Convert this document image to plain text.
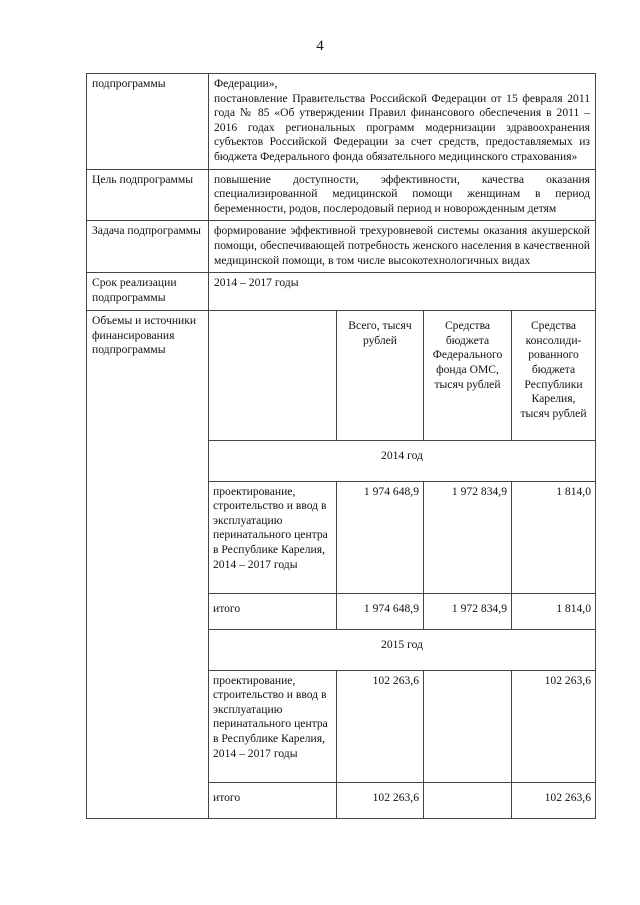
4
подпрограммы	Федерации»,
постановление Правительства Российской Федерации от 15 февраля 2011 года № 85 «Об утверждении Правил финансового обеспечения в 2011 – 2016 годах региональных программ модернизации здравоохранения субъектов Российской Федерации за счет средств, предоставляемых из бюджета Федерального фонда обязательного медицинского страхования»

Цель подпрограммы	повышение доступности, эффективности, качества оказания специализированной медицинской помощи женщинам в период беременности, родов, послеродовый период и новорожденным детям
Задача подпрограммы	формирование эффективной трехуровневой системы оказания акушерской помощи, обеспечивающей потребность женского населения в качественной медицинской помощи, в том числе высокотехнологичных видах
Срок реализации подпрограммы	2014 – 2017 годы
Объемы и источники финансирования подпрограммы	
	Всего, тысяч рублей	Средства бюджета Федерального фонда ОМС, тысяч рублей	Средства консолиди-рованного бюджета Республики Карелия, тысяч рублей
2014 год
проектирование, строительство и ввод в эксплуатацию перинатального центра в Республике Карелия, 2014 – 2017 годы	1 974 648,9	1 972 834,9	1 814,0
итого	1 974 648,9	1 972 834,9	1 814,0
2015 год
проектирование, строительство и ввод в эксплуатацию перинатального центра в Республике Карелия, 2014 – 2017 годы	102 263,6		102 263,6
итого	102 263,6		102 263,6
